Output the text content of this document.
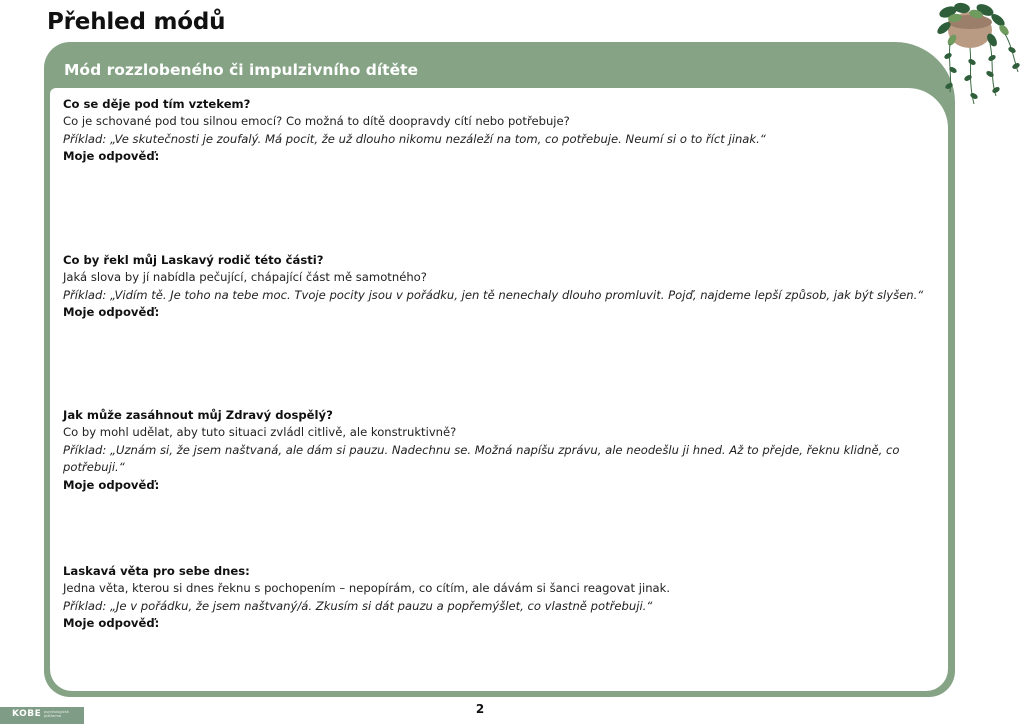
Přehled módů
Mód rozzlobeného či impulzivního dítěte
Co se děje pod tím vztekem?
Co je schované pod tou silnou emocí? Co možná to dítě doopravdy cítí nebo potřebuje?
Příklad: „Ve skutečnosti je zoufalý. Má pocit, že už dlouho nikomu nezáleží na tom, co potřebuje. Neumí si o to říct jinak.“
Moje odpověď:
Co by řekl můj Laskavý rodič této části?
Jaká slova by jí nabídla pečující, chápající část mě samotného?
Příklad: „Vidím tě. Je toho na tebe moc. Tvoje pocity jsou v pořádku, jen tě nenechaly dlouho promluvit. Pojď, najdeme lepší způsob, jak být slyšen.“
Moje odpověď:
Jak může zasáhnout můj Zdravý dospělý?
Co by mohl udělat, aby tuto situaci zvládl citlivě, ale konstruktivně?
Příklad: „Uznám si, že jsem naštvaná, ale dám si pauzu. Nadechnu se. Možná napíšu zprávu, ale neodešlu ji hned. Až to přejde, řeknu klidně, co potřebuji.“
Moje odpověď:
Laskavá věta pro sebe dnes:
Jedna věta, kterou si dnes řeknu s pochopením – nepopírám, co cítím, ale dávám si šanci reagovat jinak.
Příklad: „Je v pořádku, že jsem naštvaný/á. Zkusím si dát pauzu a popřemýšlet, co vlastně potřebuji.“
Moje odpověď:
2
KOBE psychologická platforma
